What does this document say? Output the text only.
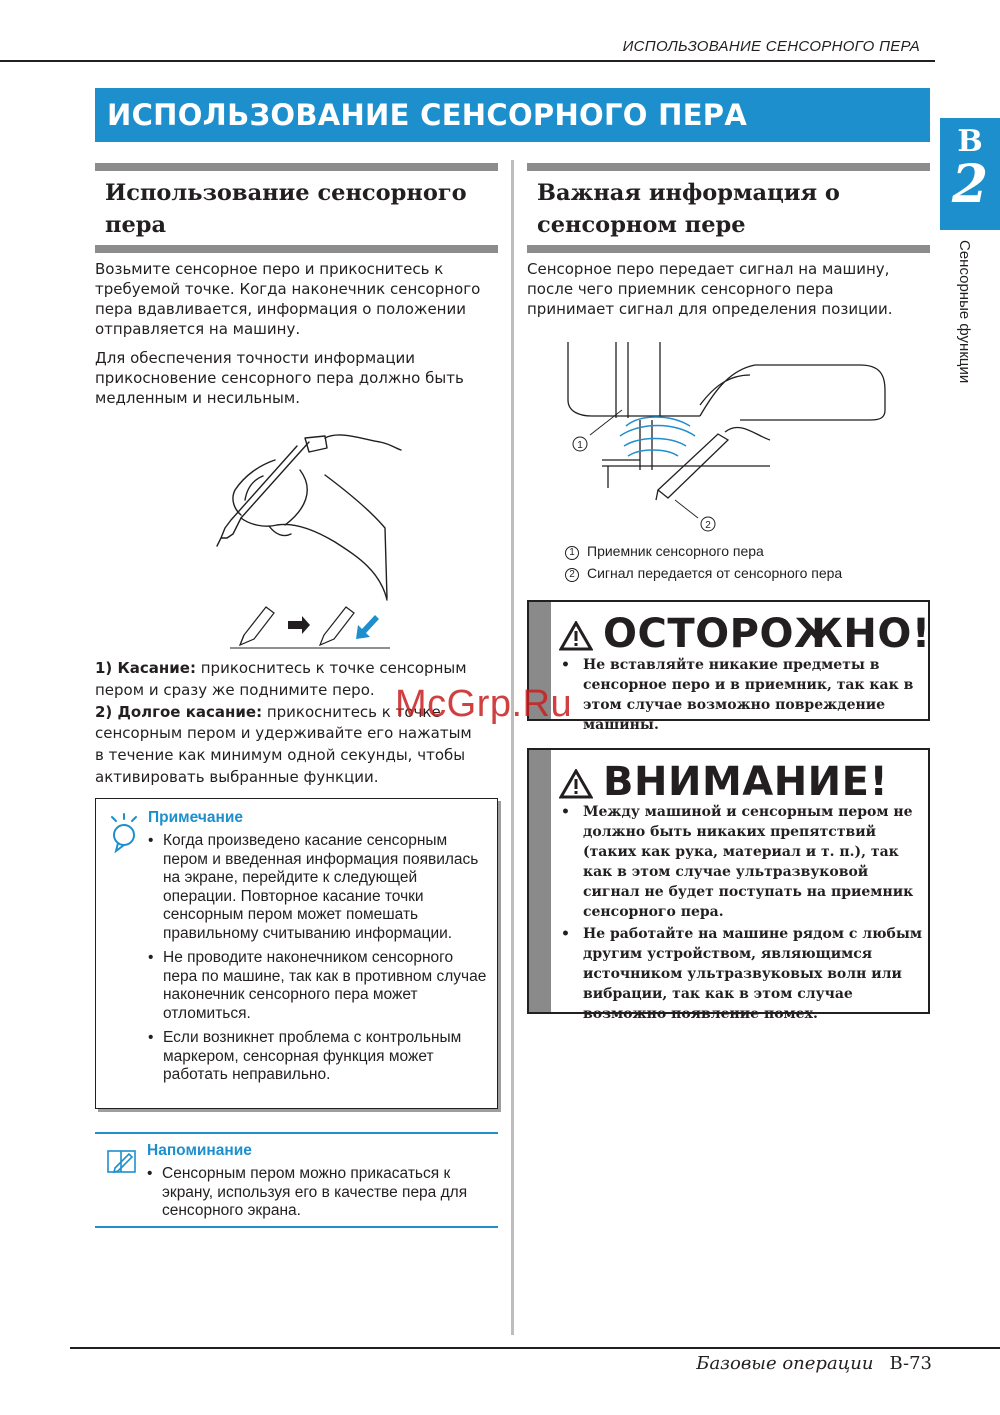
ИСПОЛЬЗОВАНИЕ СЕНСОРНОГО ПЕРА
ИСПОЛЬЗОВАНИЕ СЕНСОРНОГО ПЕРА
B
2
Сенсорные функции
Использование сенсорного
пера
Возьмите сенсорное перо и прикоснитесь к
требуемой точке. Когда наконечник сенсорного
пера вдавливается, информация о положении
отправляется на машину.
Для обеспечения точности информации
прикосновение сенсорного пера должно быть
медленным и несильным.
1) Касание: прикоснитесь к точке сенсорным
пером и сразу же поднимите перо.
2) Долгое касание: прикоснитесь к точке
сенсорным пером и удерживайте его нажатым
в течение как минимум одной секунды, чтобы
активировать выбранные функции.
Примечание
• Когда произведено касание сенсорным пером и введенная информация появилась на экране, перейдите к следующей операции. Повторное касание точки сенсорным пером может помешать правильному считыванию информации.
• Не проводите наконечником сенсорного пера по машине, так как в противном случае наконечник сенсорного пера может отломиться.
• Если возникнет проблема с контрольным маркером, сенсорная функция может работать неправильно.
Напоминание
• Сенсорным пером можно прикасаться к экрану, используя его в качестве пера для сенсорного экрана.
Важная информация о
сенсорном пере
Сенсорное перо передает сигнал на машину,
после чего приемник сенсорного пера
принимает сигнал для определения позиции.
1
2
1 Приемник сенсорного пера
2 Сигнал передается от сенсорного пера
ОСТОРОЖНО!
• Не вставляйте никакие предметы в сенсорное перо и в приемник, так как в этом случае возможно повреждение машины.
ВНИМАНИЕ!
• Между машиной и сенсорным пером не должно быть никаких препятствий (таких как рука, материал и т. п.), так как в этом случае ультразвуковой сигнал не будет поступать на приемник сенсорного пера.
• Не работайте на машине рядом с любым другим устройством, являющимся источником ультразвуковых волн или вибрации, так как в этом случае возможно появление помех.
McGrp.Ru
Базовые операции B-73
